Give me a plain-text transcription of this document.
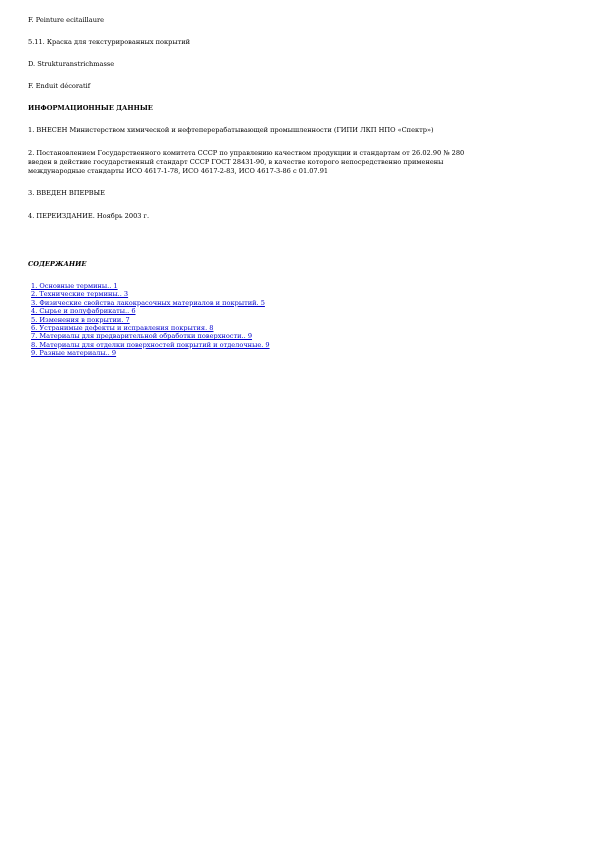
F. Peinture ecitaillaure

5.11. Краска для текстурированных покрытий

D. Strukturanstrichmasse

F. Enduit décoratif

ИНФОРМАЦИОННЫЕ ДАННЫЕ

1. ВНЕСЕН Министерством химической и нефтеперерабатывающей промышленности (ГИПИ ЛКП НПО «Спектр»)

2. Постановлением Государственного комитета СССР по управлению качеством продукции и стандартам от 26.02.90 № 280

введен в действие государственный стандарт СССР ГОСТ 28431-90, в качестве которого непосредственно применены

международные стандарты ИСО 4617-1-78, ИСО 4617-2-83, ИСО 4617-3-86 с 01.07.91

3. ВВЕДЕН ВПЕРВЫЕ

4. ПЕРЕИЗДАНИЕ. Ноябрь 2003 г.

СОДЕРЖАНИЕ

1. Основные термины.. 1
2. Технические термины.. 3
3. Физические свойства лакокрасочных материалов и покрытий. 5
4. Сырье и полуфабрикаты.. 6
5. Изменения в покрытии. 7
6. Устранимые дефекты и исправления покрытия. 8
7. Материалы для предварительной обработки поверхности.. 9
8. Материалы для отделки поверхностей покрытий и отделочные. 9
9. Разные материалы.. 9
